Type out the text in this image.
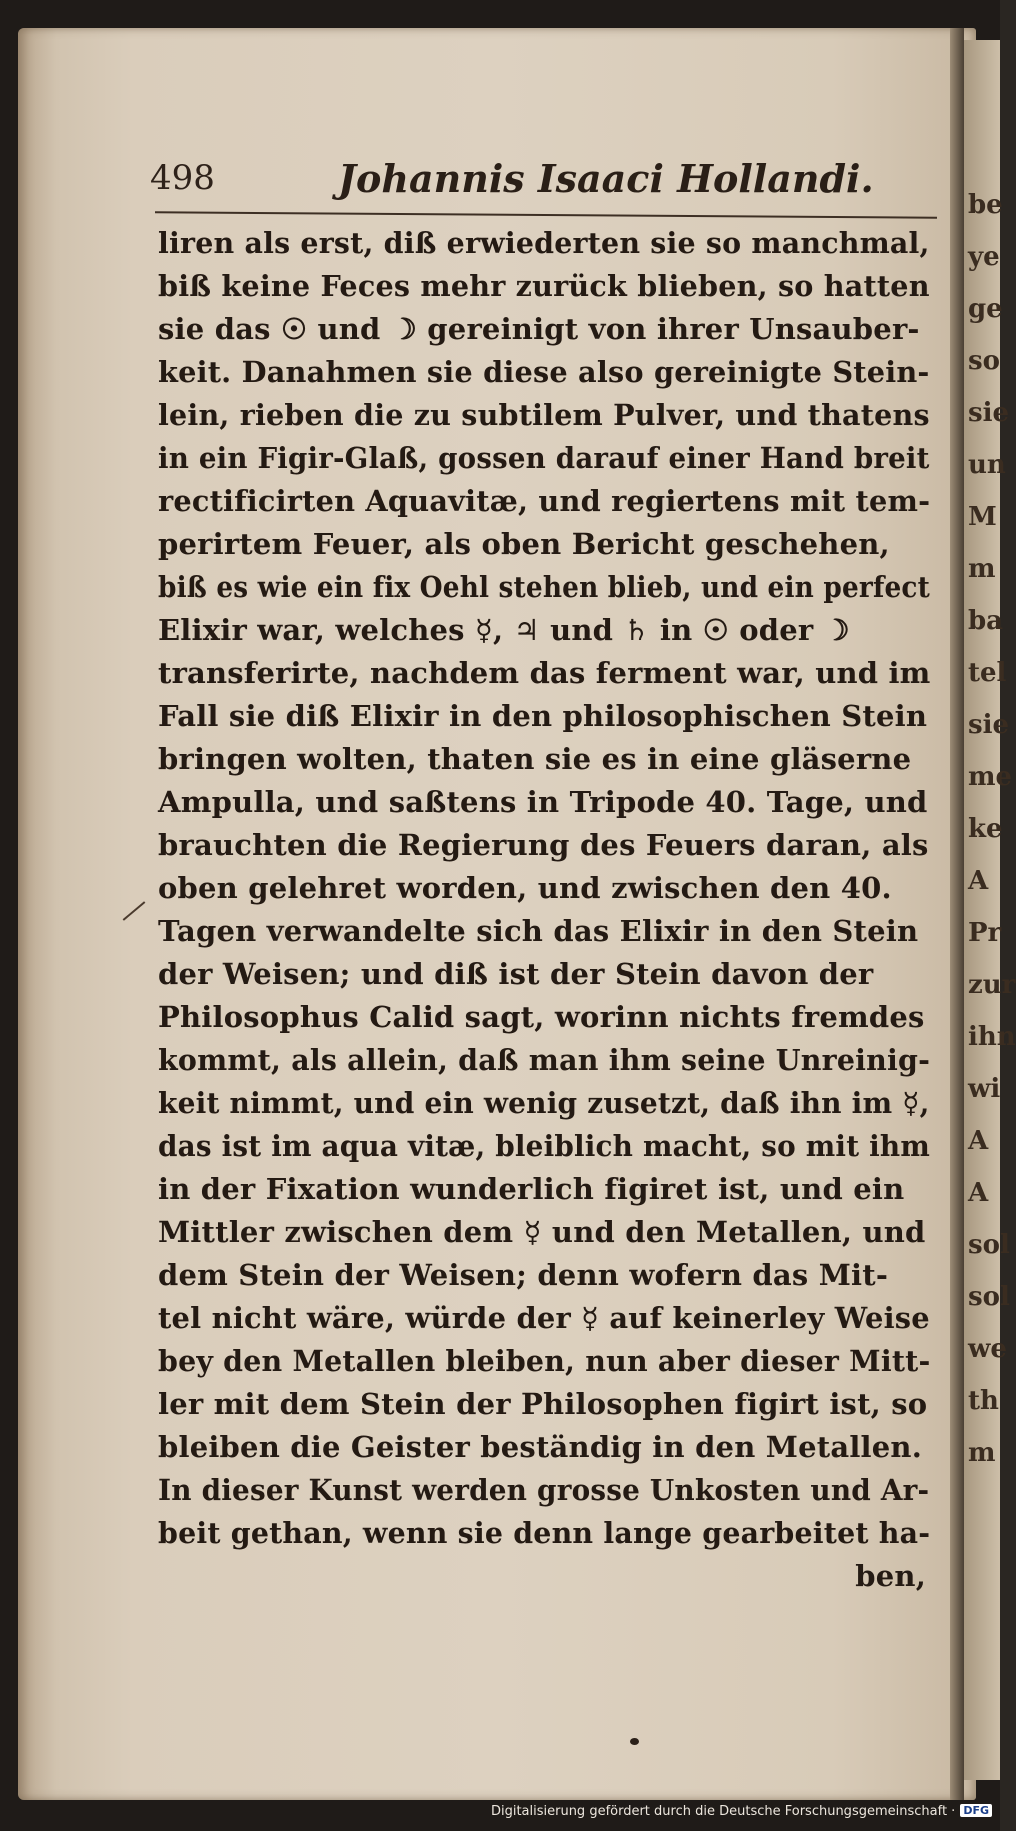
be
ye
ge
so
sie
un
M
m
ba
tel
sie
me
ke
A
Pr
zur
ihn
wi
A
A
sol
sol
we
th
m
498	Johannis Isaaci Hollandi.
liren als erst, diß erwiederten sie so manchmal,
biß keine Feces mehr zurück blieben, so hatten
sie das ☉ und ☽ gereinigt von ihrer Unsauber-
keit. Danahmen sie diese also gereinigte Stein-
lein, rieben die zu subtilem Pulver, und thatens
in ein Figir-Glaß, gossen darauf einer Hand breit
rectificirten Aquavitæ, und regiertens mit tem-
perirtem Feuer, als oben Bericht geschehen,
biß es wie ein fix Oehl stehen blieb, und ein perfect
Elixir war, welches ☿, ♃ und ♄ in ☉ oder ☽
transferirte, nachdem das ferment war, und im
Fall sie diß Elixir in den philosophischen Stein
bringen wolten, thaten sie es in eine gläserne
Ampulla, und saßtens in Tripode 40. Tage, und
brauchten die Regierung des Feuers daran, als
oben gelehret worden, und zwischen den 40.
Tagen verwandelte sich das Elixir in den Stein
der Weisen; und diß ist der Stein davon der
Philosophus Calid sagt, worinn nichts fremdes
kommt, als allein, daß man ihm seine Unreinig-
keit nimmt, und ein wenig zusetzt, daß ihn im ☿,
das ist im aqua vitæ, bleiblich macht, so mit ihm
in der Fixation wunderlich figiret ist, und ein
Mittler zwischen dem ☿ und den Metallen, und
dem Stein der Weisen; denn wofern das Mit-
tel nicht wäre, würde der ☿ auf keinerley Weise
bey den Metallen bleiben, nun aber dieser Mitt-
ler mit dem Stein der Philosophen figirt ist, so
bleiben die Geister beständig in den Metallen.
In dieser Kunst werden grosse Unkosten und Ar-
beit gethan, wenn sie denn lange gearbeitet ha-
ben,
Digitalisierung gefördert durch die Deutsche Forschungsgemeinschaft · DFG
